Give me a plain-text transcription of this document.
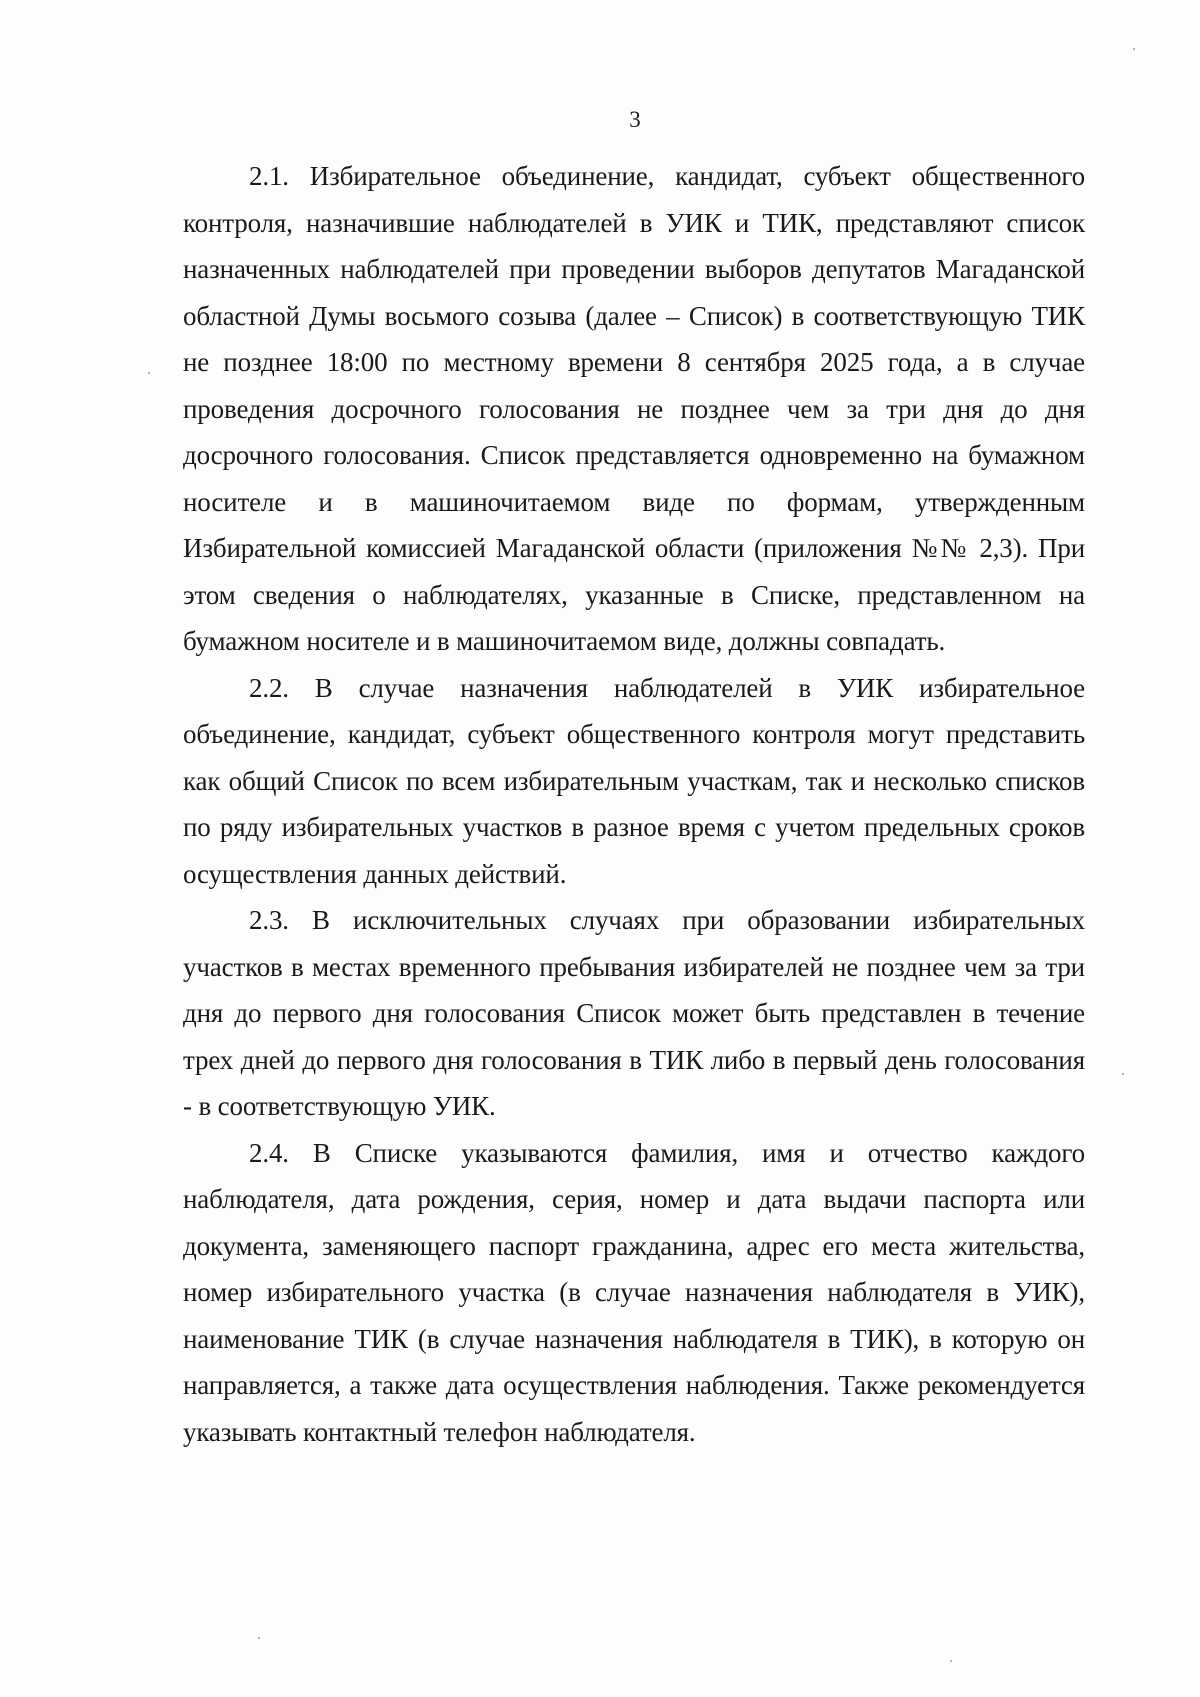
3

2.1. Избирательное объединение, кандидат, субъект общественного контроля, назначившие наблюдателей в УИК и ТИК, представляют список назначенных наблюдателей при проведении выборов депутатов Магаданской областной Думы восьмого созыва (далее – Список) в соответствующую ТИК не позднее 18:00 по местному времени 8 сентября 2025 года, а в случае проведения досрочного голосования не позднее чем за три дня до дня досрочного голосования. Список представляется одновременно на бумажном носителе и в машиночитаемом виде по формам, утвержденным Избирательной комиссией Магаданской области (приложения №№ 2,3). При этом сведения о наблюдателях, указанные в Списке, представленном на бумажном носителе и в машиночитаемом виде, должны совпадать.

2.2. В случае назначения наблюдателей в УИК избирательное объединение, кандидат, субъект общественного контроля могут представить как общий Список по всем избирательным участкам, так и несколько списков по ряду избирательных участков в разное время с учетом предельных сроков осуществления данных действий.

2.3. В исключительных случаях при образовании избирательных участков в местах временного пребывания избирателей не позднее чем за три дня до первого дня голосования Список может быть представлен в течение трех дней до первого дня голосования в ТИК либо в первый день голосования - в соответствующую УИК.

2.4. В Списке указываются фамилия, имя и отчество каждого наблюдателя, дата рождения, серия, номер и дата выдачи паспорта или документа, заменяющего паспорт гражданина, адрес его места жительства, номер избирательного участка (в случае назначения наблюдателя в УИК), наименование ТИК (в случае назначения наблюдателя в ТИК), в которую он направляется, а также дата осуществления наблюдения. Также рекомендуется указывать контактный телефон наблюдателя.
